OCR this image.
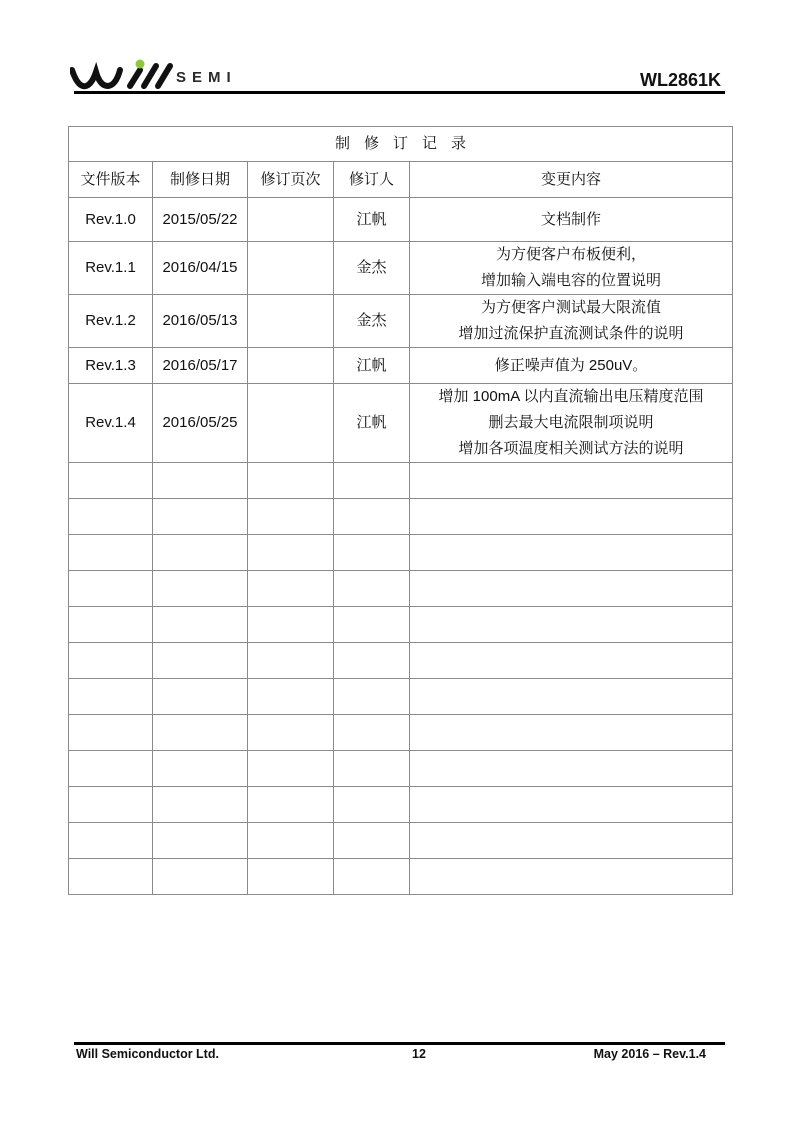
SEMI	WL2861K
制修订记录				
文件版本	制修日期	修订页次	修订人	变更内容
Rev.1.0	2015/05/22		江帆	文档制作

Rev.1.1	2016/04/15		金杰	为方便客户布板便利，
增加输入端电容的位置说明

Rev.1.2	2016/05/13		金杰	为方便客户测试最大限流值
增加过流保护直流测试条件的说明

Rev.1.3	2016/05/17		江帆	修正噪声值为 250uV。

Rev.1.4	2016/05/25		江帆	增加 100mA 以内直流输出电压精度范围
删去最大电流限制项说明
增加各项温度相关测试方法的说明

Will Semiconductor Ltd.	12	May 2016 – Rev.1.4
